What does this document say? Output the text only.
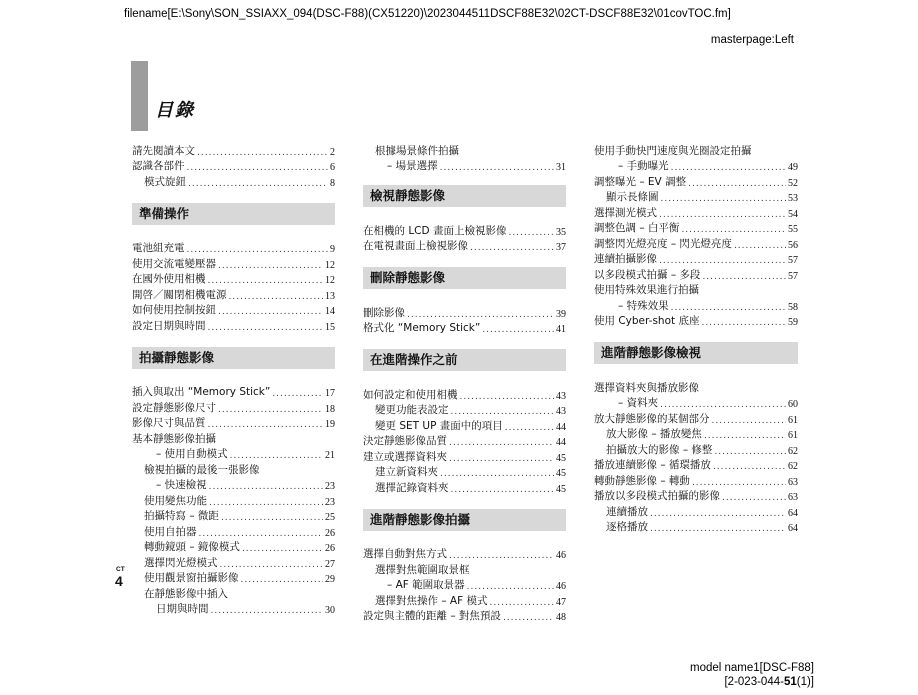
filename[E:\Sony\SON_SSIAXX_094(DSC-F88)(CX51220)\2023044511DSCF88E32\02CT-DSCF88E32\01covTOC.fm]
masterpage:Left
目錄
請先閱讀本文 .....	2
認識各部件 .....	6
模式旋鈕 .....	8
準備操作
電池組充電 .....	9
使用交流電變壓器 .....	12
在國外使用相機 .....	12
開啓／關閉相機電源 .....	13
如何使用控制按鈕 .....	14
設定日期與時間 .....	15
拍攝靜態影像
插入與取出 “Memory Stick” .....	17
設定靜態影像尺寸 .....	18
影像尺寸與品質 .....	19
基本靜態影像拍攝
– 使用自動模式 .....	21
檢視拍攝的最後一張影像
– 快速檢視 .....	23
使用變焦功能 .....	23
拍攝特寫 – 微距 .....	25
使用自拍器 .....	26
轉動鏡頭 – 鏡像模式 .....	26
選擇閃光燈模式 .....	27
使用觀景窗拍攝影像 .....	29
在靜態影像中插入
日期與時間 .....	30
根據場景條件拍攝
– 場景選擇 .....	31
檢視靜態影像
在相機的 LCD 畫面上檢視影像 .....	35
在電視畫面上檢視影像 .....	37
刪除靜態影像
刪除影像 .....	39
格式化 “Memory Stick” .....	41
在進階操作之前
如何設定和使用相機 .....	43
變更功能表設定 .....	43
變更 SET UP 畫面中的項目 .....	44
決定靜態影像品質 .....	44
建立或選擇資料夾 .....	45
建立新資料夾 .....	45
選擇記錄資料夾 .....	45
進階靜態影像拍攝
選擇自動對焦方式 .....	46
選擇對焦範圍取景框
– AF 範圍取景器 .....	46
選擇對焦操作 – AF 模式 .....	47
設定與主體的距離 – 對焦預設 .....	48
使用手動快門速度與光圈設定拍攝
– 手動曝光 .....	49
調整曝光 – EV 調整 .....	52
顯示長條圖 .....	53
選擇測光模式 .....	54
調整色調 – 白平衡 .....	55
調整閃光燈亮度 – 閃光燈亮度 .....	56
連續拍攝影像 .....	57
以多段模式拍攝 – 多段 .....	57
使用特殊效果進行拍攝
– 特殊效果 .....	58
使用 Cyber-shot 底座 .....	59
進階靜態影像檢視
選擇資料夾與播放影像
– 資料夾 .....	60
放大靜態影像的某個部分 .....	61
放大影像 – 播放變焦 .....	61
拍攝放大的影像 – 修整 .....	62
播放連續影像 – 循環播放 .....	62
轉動靜態影像 – 轉動 .....	63
播放以多段模式拍攝的影像 .....	63
連續播放 .....	64
逐格播放 .....	64
CT
4
model name1[DSC-F88]
[2-023-044-51(1)]
